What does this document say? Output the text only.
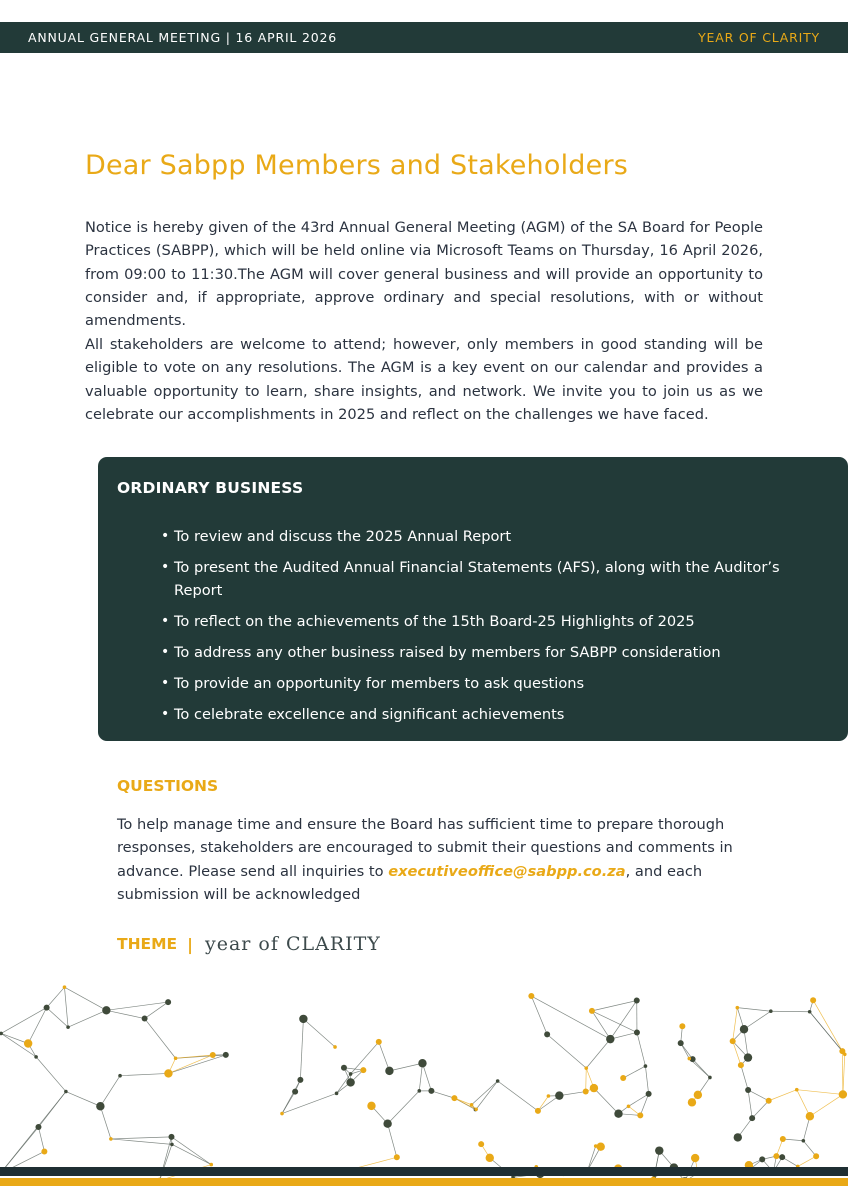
ANNUAL GENERAL MEETING | 16 APRIL 2026	YEAR OF CLARITY
Dear Sabpp Members and Stakeholders

Notice is hereby given of the 43rd Annual General Meeting (AGM) of the SA Board for People Practices (SABPP), which will be held online via Microsoft Teams on Thursday, 16 April 2026, from 09:00 to 11:30.The AGM will cover general business and will provide an opportunity to consider and, if appropriate, approve ordinary and special resolutions, with or without amendments.

All stakeholders are welcome to attend; however, only members in good standing will be eligible to vote on any resolutions. The AGM is a key event on our calendar and provides a valuable opportunity to learn, share insights, and network. We invite you to join us as we celebrate our accomplishments in 2025 and reflect on the challenges we have faced.

ORDINARY BUSINESS
• To review and discuss the 2025 Annual Report
• To present the Audited Annual Financial Statements (AFS), along with the Auditor’s Report
• To reflect on the achievements of the 15th Board-25 Highlights of 2025
• To address any other business raised by members for SABPP consideration
• To provide an opportunity for members to ask questions
• To celebrate excellence and significant achievements
QUESTIONS

To help manage time and ensure the Board has sufficient time to prepare thorough responses, stakeholders are encouraged to submit their questions and comments in advance. Please send all inquiries to executiveoffice@sabpp.co.za, and each submission will be acknowledged

THEME | year of CLARITY
